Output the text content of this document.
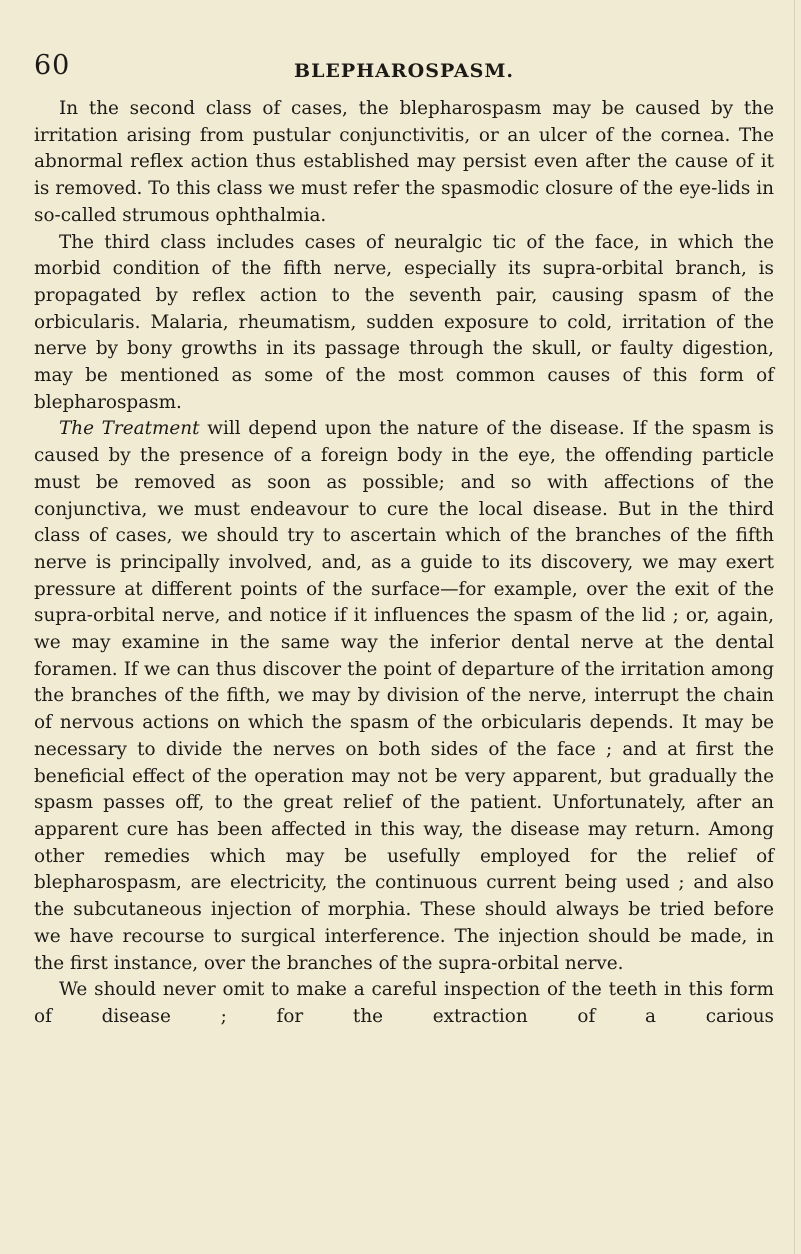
60	BLEPHAROSPASM.

In the second class of cases, the blepharospasm may be caused by the irritation arising from pustular conjunctivitis, or an ulcer of the cornea. The abnormal reflex action thus established may persist even after the cause of it is removed. To this class we must refer the spasmodic closure of the eye-lids in so-called strumous ophthalmia.

The third class includes cases of neuralgic tic of the face, in which the morbid condition of the fifth nerve, especially its supra-orbital branch, is propagated by reflex action to the seventh pair, causing spasm of the orbicularis. Malaria, rheumatism, sudden exposure to cold, irritation of the nerve by bony growths in its passage through the skull, or faulty digestion, may be mentioned as some of the most common causes of this form of blepharospasm.

The Treatment will depend upon the nature of the disease. If the spasm is caused by the presence of a foreign body in the eye, the offending particle must be removed as soon as possible; and so with affections of the conjunctiva, we must endeavour to cure the local disease. But in the third class of cases, we should try to ascertain which of the branches of the fifth nerve is principally involved, and, as a guide to its discovery, we may exert pressure at different points of the surface—for example, over the exit of the supra-orbital nerve, and notice if it influences the spasm of the lid ; or, again, we may examine in the same way the inferior dental nerve at the dental foramen. If we can thus discover the point of departure of the irritation among the branches of the fifth, we may by division of the nerve, interrupt the chain of nervous actions on which the spasm of the orbicularis depends. It may be necessary to divide the nerves on both sides of the face ; and at first the beneficial effect of the operation may not be very apparent, but gradually the spasm passes off, to the great relief of the patient. Unfortunately, after an apparent cure has been affected in this way, the disease may return. Among other remedies which may be usefully employed for the relief of blepharospasm, are electricity, the continuous current being used ; and also the subcutaneous injection of morphia. These should always be tried before we have recourse to surgical interference. The injection should be made, in the first instance, over the branches of the supra-orbital nerve.

We should never omit to make a careful inspection of the teeth in this form of disease ; for the extraction of a carious
